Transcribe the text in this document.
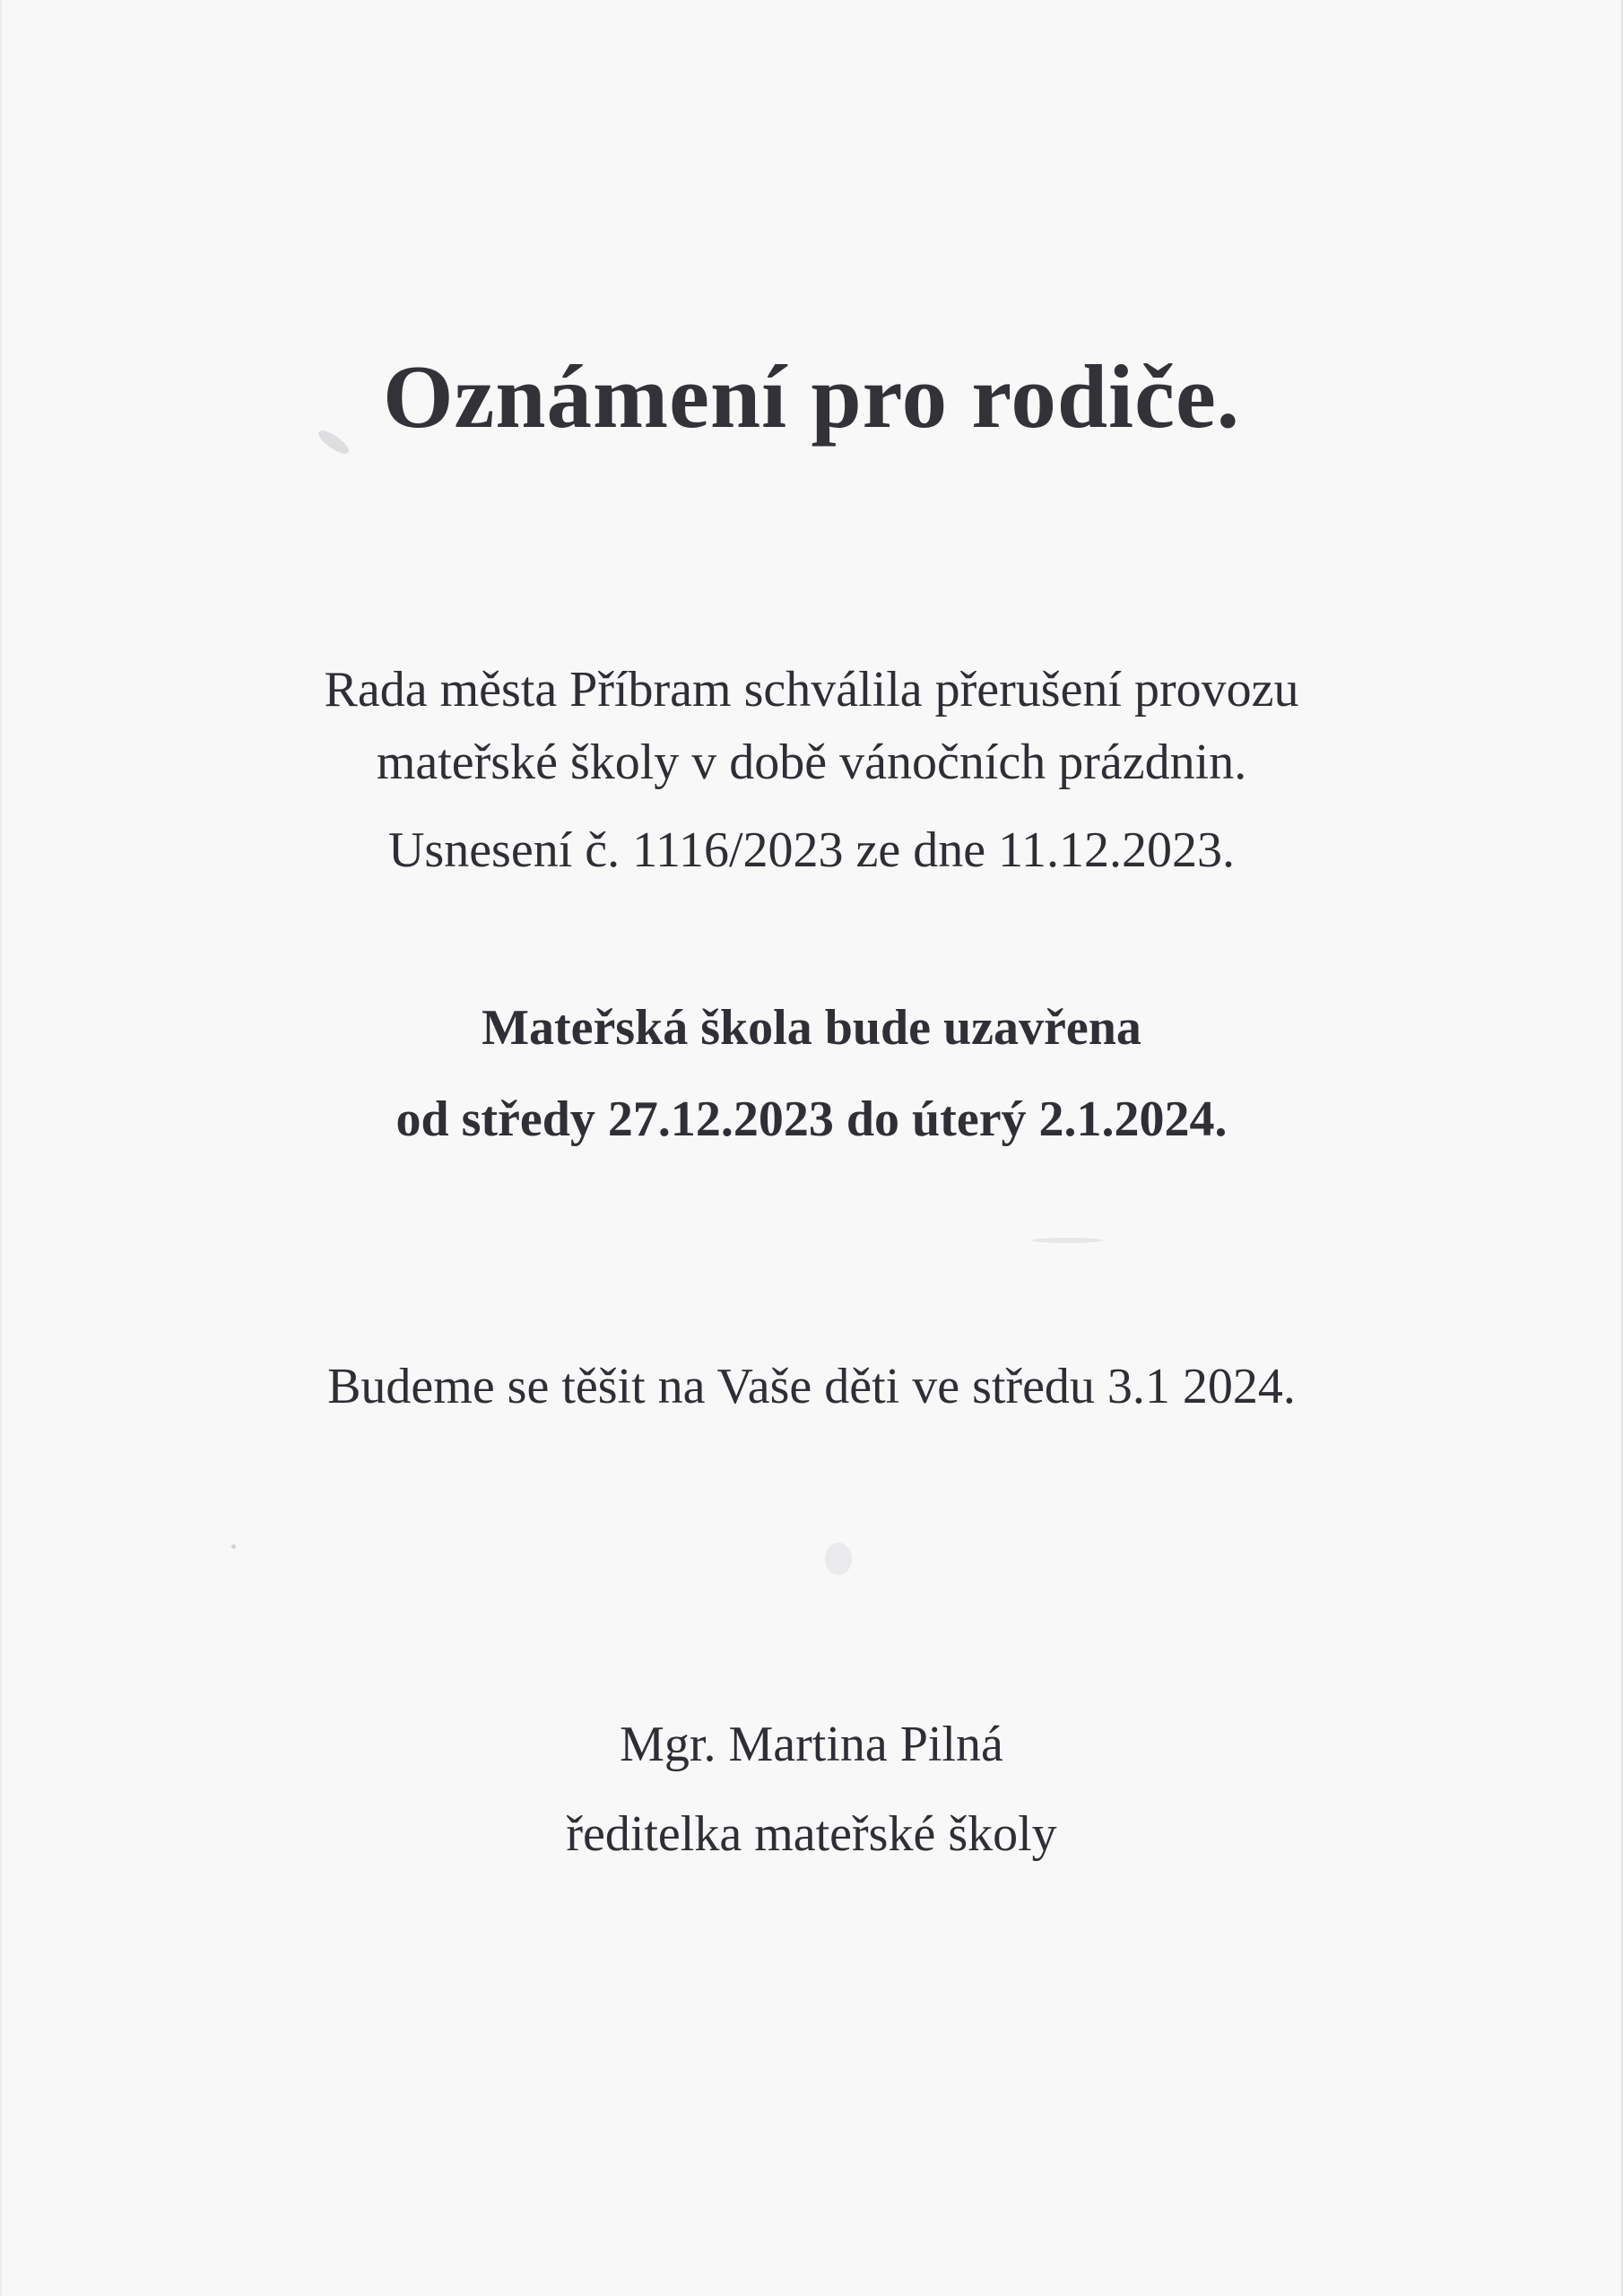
Oznámení pro rodiče.
Rada města Příbram schválila přerušení provozu
mateřské školy v době vánočních prázdnin.
Usnesení č. 1116/2023 ze dne 11.12.2023.
Mateřská škola bude uzavřena
od středy 27.12.2023 do úterý 2.1.2024.
Budeme se těšit na Vaše děti ve středu 3.1 2024.
Mgr. Martina Pilná
ředitelka mateřské školy
